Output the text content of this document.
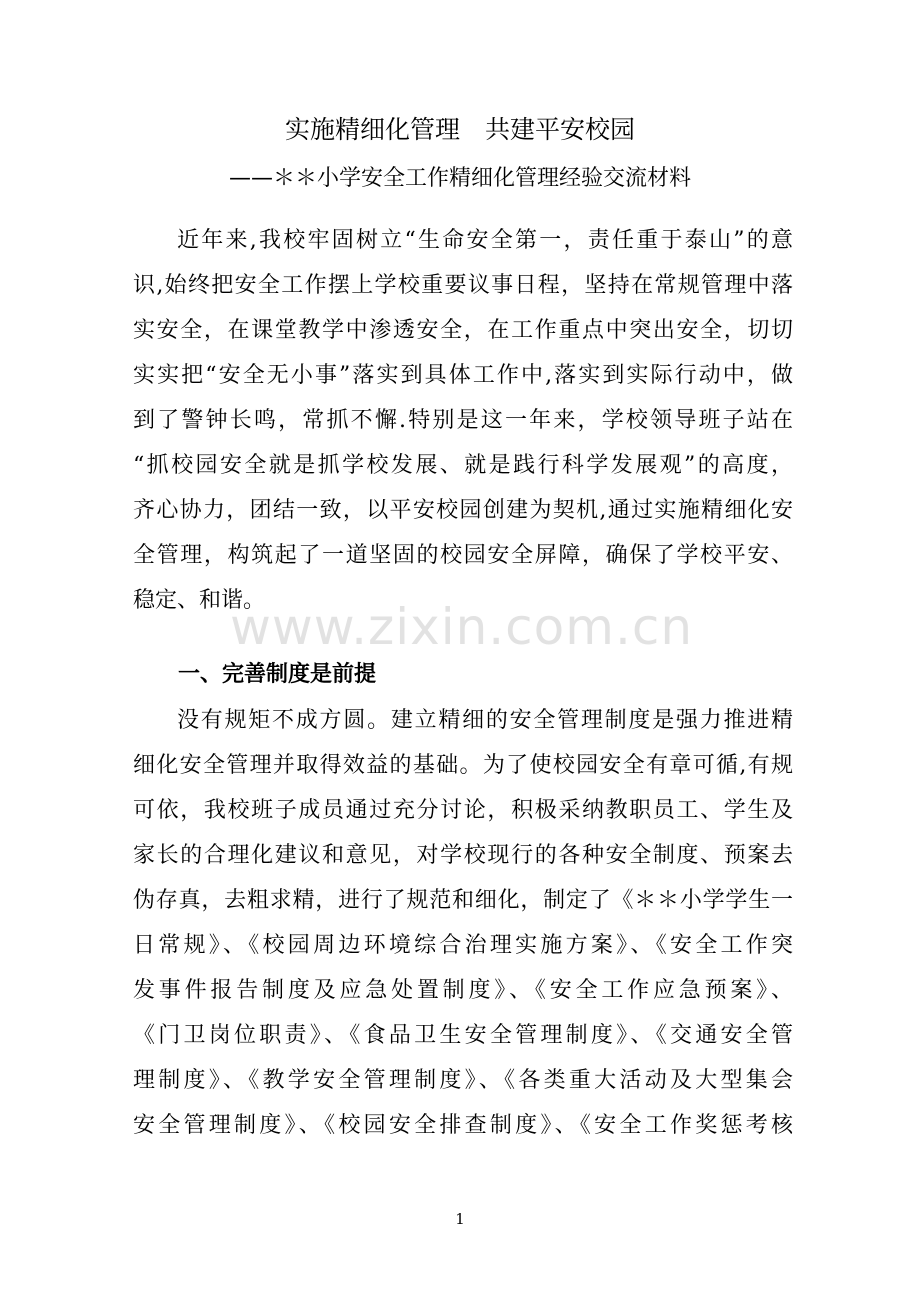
实施精细化管理　共建平安校园
——＊＊小学安全工作精细化管理经验交流材料
近年来,我校牢固树立“生命安全第一，责任重于泰山”的意
识,始终把安全工作摆上学校重要议事日程，坚持在常规管理中落
实安全，在课堂教学中渗透安全，在工作重点中突出安全，切切
实实把“安全无小事”落实到具体工作中,落实到实际行动中，做
到了警钟长鸣，常抓不懈.特别是这一年来，学校领导班子站在
“抓校园安全就是抓学校发展、就是践行科学发展观”的高度，
齐心协力，团结一致，以平安校园创建为契机,通过实施精细化安
全管理，构筑起了一道坚固的校园安全屏障，确保了学校平安、
稳定、和谐。
www.zixin.com.cn
一、完善制度是前提
没有规矩不成方圆。建立精细的安全管理制度是强力推进精
细化安全管理并取得效益的基础。为了使校园安全有章可循,有规
可依，我校班子成员通过充分讨论，积极采纳教职员工、学生及
家长的合理化建议和意见，对学校现行的各种安全制度、预案去
伪存真，去粗求精，进行了规范和细化，制定了《＊＊小学学生一
日常规》、《校园周边环境综合治理实施方案》、《安全工作突
发事件报告制度及应急处置制度》、《安全工作应急预案》、
《门卫岗位职责》、《食品卫生安全管理制度》、《交通安全管
理制度》、《教学安全管理制度》、《各类重大活动及大型集会
安全管理制度》、《校园安全排查制度》、《安全工作奖惩考核
1
